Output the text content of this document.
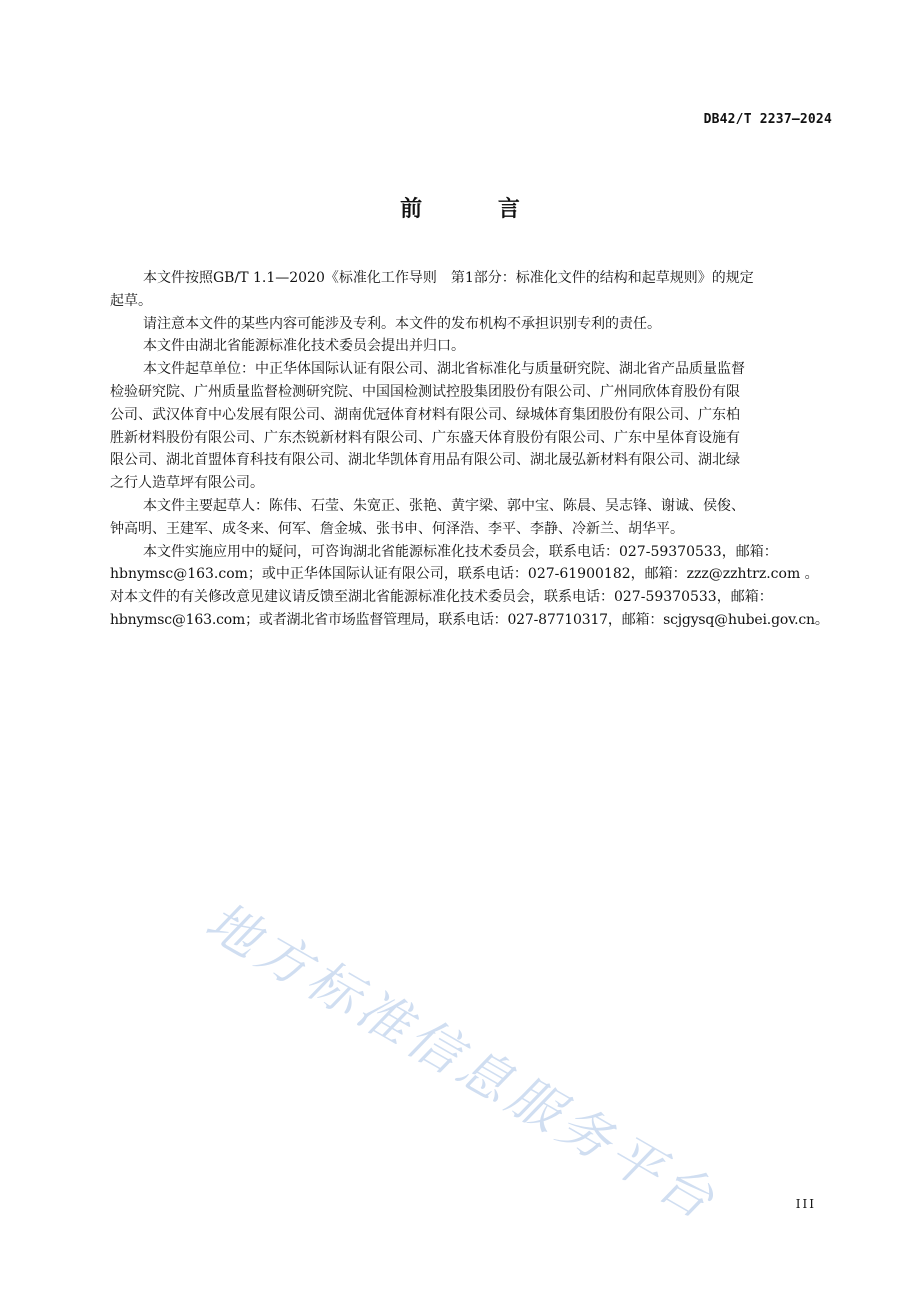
DB42/T 2237—2024
前 言
本文件按照GB/T 1.1—2020《标准化工作导则　第1部分：标准化文件的结构和起草规则》的规定
起草。
请注意本文件的某些内容可能涉及专利。本文件的发布机构不承担识别专利的责任。
本文件由湖北省能源标准化技术委员会提出并归口。
本文件起草单位：中正华体国际认证有限公司、湖北省标准化与质量研究院、湖北省产品质量监督
检验研究院、广州质量监督检测研究院、中国国检测试控股集团股份有限公司、广州同欣体育股份有限
公司、武汉体育中心发展有限公司、湖南优冠体育材料有限公司、绿城体育集团股份有限公司、广东柏
胜新材料股份有限公司、广东杰锐新材料有限公司、广东盛天体育股份有限公司、广东中星体育设施有
限公司、湖北首盟体育科技有限公司、湖北华凯体育用品有限公司、湖北晟弘新材料有限公司、湖北绿
之行人造草坪有限公司。
本文件主要起草人：陈伟、石莹、朱宽正、张艳、黄宇梁、郭中宝、陈晨、吴志锋、谢诚、侯俊、
钟高明、王建军、成冬来、何军、詹金城、张书申、何泽浩、李平、李静、冷新兰、胡华平。
本文件实施应用中的疑问，可咨询湖北省能源标准化技术委员会，联系电话：027-59370533，邮箱：
hbnymsc@163.com；或中正华体国际认证有限公司，联系电话：027-61900182，邮箱：zzz@zzhtrz.com 。
对本文件的有关修改意见建议请反馈至湖北省能源标准化技术委员会，联系电话：027-59370533，邮箱：
hbnymsc@163.com；或者湖北省市场监督管理局，联系电话：027-87710317，邮箱：scjgysq@hubei.gov.cn。
地方标准信息服务平台	III
